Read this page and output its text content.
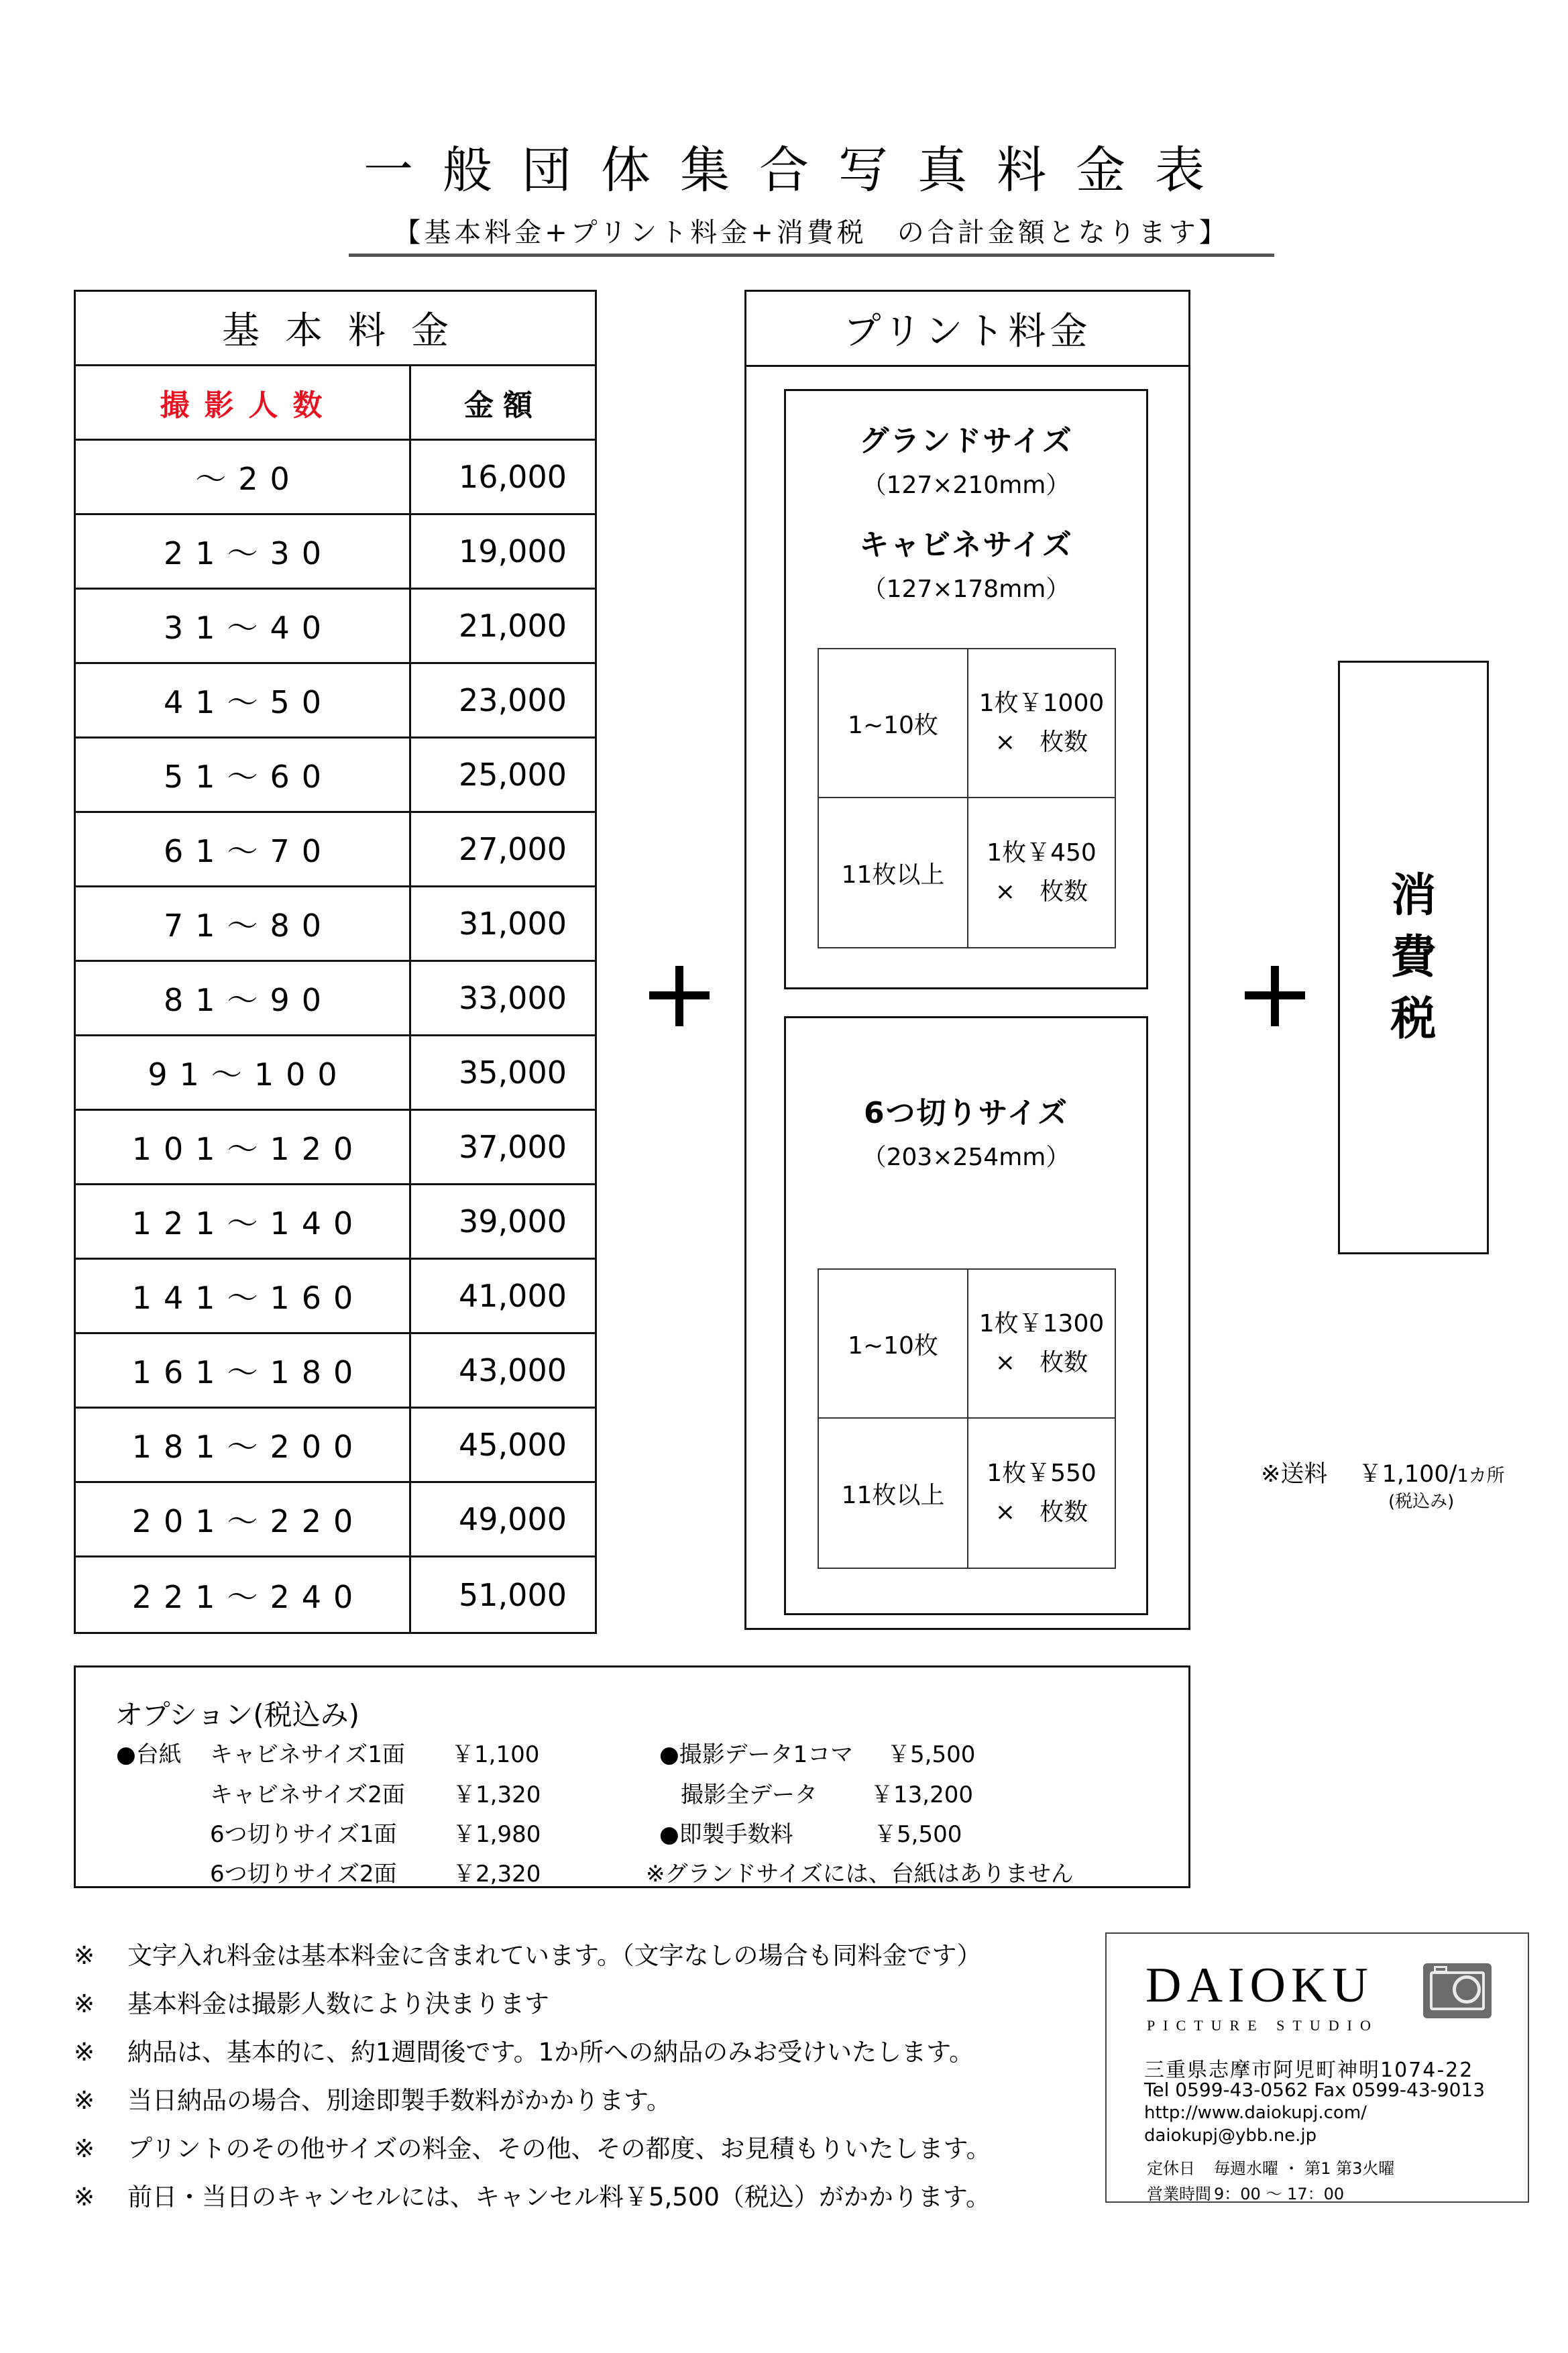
一般団体集合写真料金表
【基本料金+プリント料金+消費税　の合計金額となります】
基本料金
撮影人数	金額
～20	16,000
21～30	19,000
31～40	21,000
41～50	23,000
51～60	25,000
61～70	27,000
71～80	31,000
81～90	33,000
91～100	35,000
101～120	37,000
121～140	39,000
141～160	41,000
161～180	43,000
181～200	45,000
201～220	49,000
221～240	51,000
プリント料金
グランドサイズ
（127×210mm）
キャビネサイズ
（127×178mm）
1~10枚
1枚￥1000
×　枚数
11枚以上
1枚￥450
×　枚数
6つ切りサイズ
（203×254mm）
1~10枚
1枚￥1300
×　枚数
11枚以上
1枚￥550
×　枚数
消
費
税
※送料　 ￥1,100/1カ所
(税込み)
オプション(税込み)
●台紙 キャビネサイズ1面 ￥1,100
キャビネサイズ2面 ￥1,320
6つ切りサイズ1面 ￥1,980
6つ切りサイズ2面 ￥2,320
●撮影データ1コマ ￥5,500
撮影全データ ￥13,200
●即製手数料	￥5,500
※グランドサイズには、台紙はありません
※ 文字入れ料金は基本料金に含まれています。（文字なしの場合も同料金です）
※ 基本料金は撮影人数により決まります
※ 納品は、基本的に、約1週間後です。1か所への納品のみお受けいたします。
※ 当日納品の場合、別途即製手数料がかかります。
※ プリントのその他サイズの料金、その他、その都度、お見積もりいたします。
※ 前日・当日のキャンセルには、キャンセル料￥5,500（税込）がかかります。
DAIOKU
PICTURE STUDIO
三重県志摩市阿児町神明1074-22
Tel 0599-43-0562 Fax 0599-43-9013
http://www.daiokupj.com/
daiokupj@ybb.ne.jp
定休日 毎週水曜 ・ 第1 第3火曜
営業時間 9：00 ～ 17：00
